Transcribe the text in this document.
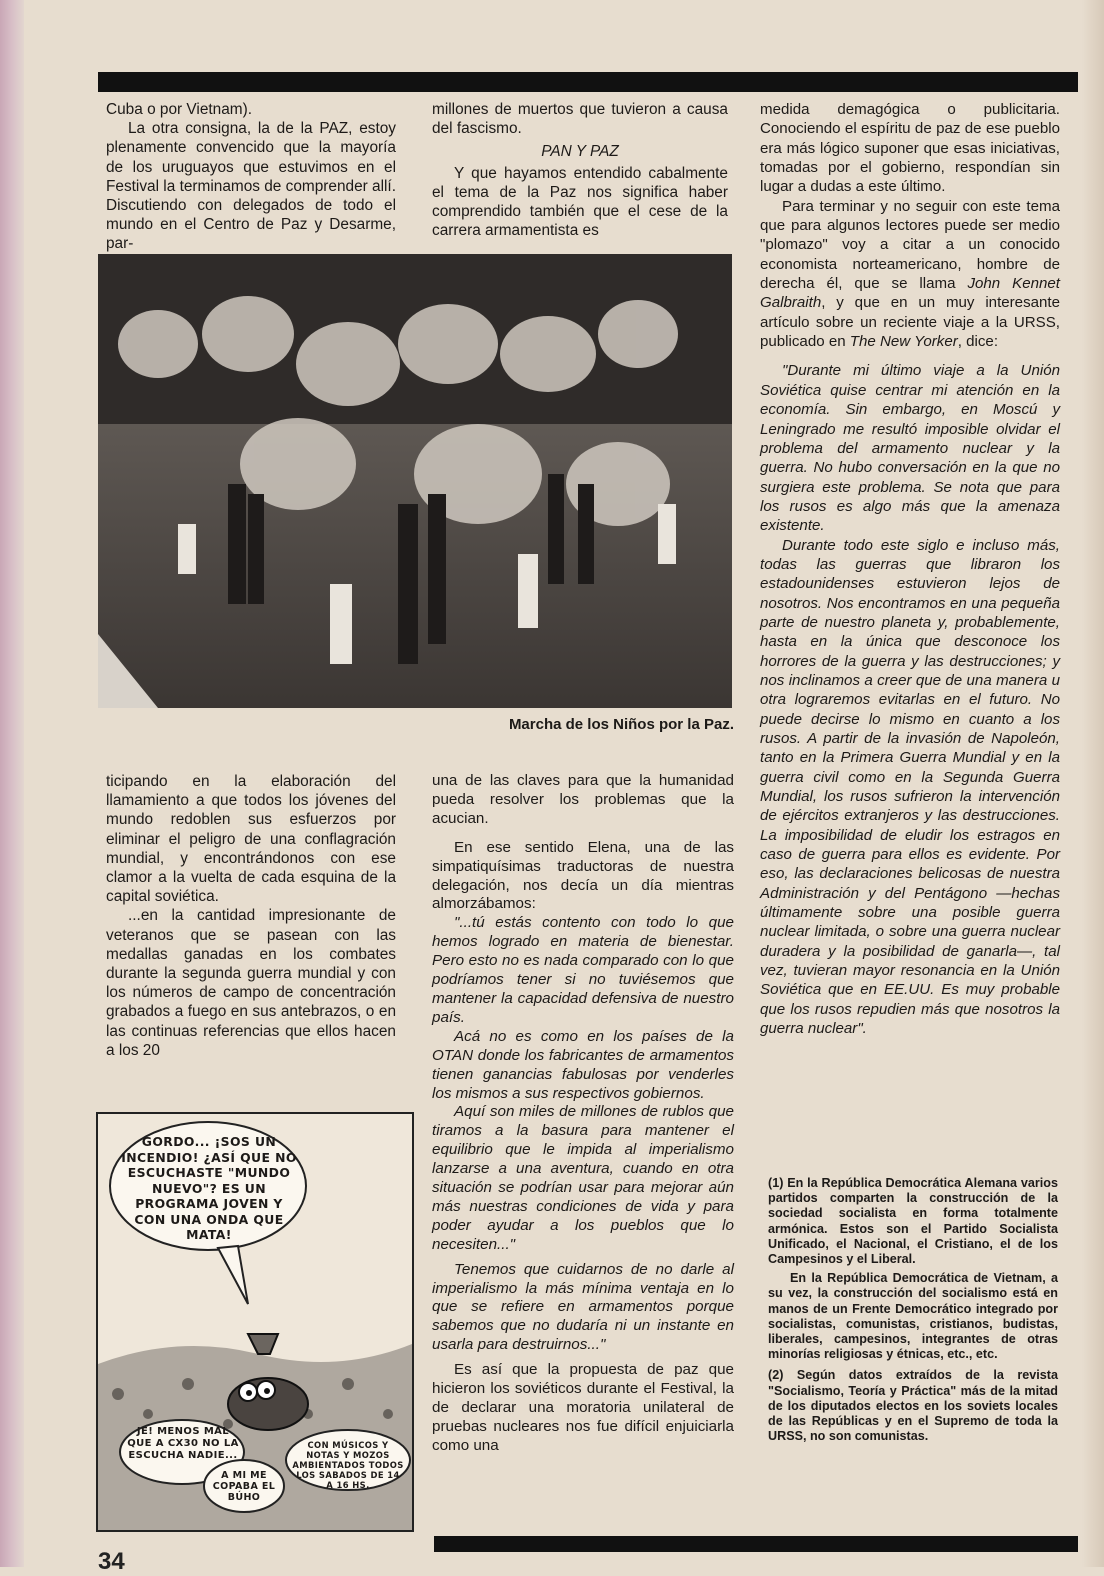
Cuba o por Vietnam).

La otra consigna, la de la PAZ, estoy plenamente convencido que la mayoría de los uruguayos que estuvimos en el Festival la terminamos de comprender allí. Discutiendo con delegados de todo el mundo en el Centro de Paz y Desarme, par-

millones de muertos que tuvieron a causa del fascismo.

PAN Y PAZ

Y que hayamos entendido cabalmente el tema de la Paz nos significa haber comprendido también que el cese de la carrera armamentista es

medida demagógica o publicitaria. Conociendo el espíritu de paz de ese pueblo era más lógico suponer que esas iniciativas, tomadas por el gobierno, respondían sin lugar a dudas a este último.

Para terminar y no seguir con este tema que para algunos lectores puede ser medio "plomazo" voy a citar a un conocido economista norteamericano, hombre de derecha él, que se llama John Kennet Galbraith, y que en un muy interesante artículo sobre un reciente viaje a la URSS, publicado en The New Yorker, dice:

"Durante mi último viaje a la Unión Soviética quise centrar mi atención en la economía. Sin embargo, en Moscú y Leningrado me resultó imposible olvidar el problema del armamento nuclear y la guerra. No hubo conversación en la que no surgiera este problema. Se nota que para los rusos es algo más que la amenaza existente.

Durante todo este siglo e incluso más, todas las guerras que libraron los estadounidenses estuvieron lejos de nosotros. Nos encontramos en una pequeña parte de nuestro planeta y, probablemente, hasta en la única que desconoce los horrores de la guerra y las destrucciones; y nos inclinamos a creer que de una manera u otra lograremos evitarlas en el futuro. No puede decirse lo mismo en cuanto a los rusos. A partir de la invasión de Napoleón, tanto en la Primera Guerra Mundial y en la guerra civil como en la Segunda Guerra Mundial, los rusos sufrieron la intervención de ejércitos extranjeros y las destrucciones. La imposibilidad de eludir los estragos en caso de guerra para ellos es evidente. Por eso, las declaraciones belicosas de nuestra Administración y del Pentágono —hechas últimamente sobre una posible guerra nuclear limitada, o sobre una guerra nuclear duradera y la posibilidad de ganarla—, tal vez, tuvieran mayor resonancia en la Unión Soviética que en EE.UU. Es muy probable que los rusos repudien más que nosotros la guerra nuclear".

Marcha de los Niños por la Paz.

ticipando en la elaboración del llamamiento a que todos los jóvenes del mundo redoblen sus esfuerzos por eliminar el peligro de una conflagración mundial, y encontrándonos con ese clamor a la vuelta de cada esquina de la capital soviética.

...en la cantidad impresionante de veteranos que se pasean con las medallas ganadas en los combates durante la segunda guerra mundial y con los números de campo de concentración grabados a fuego en sus antebrazos, o en las continuas referencias que ellos hacen a los 20

una de las claves para que la humanidad pueda resolver los problemas que la acucian.

En ese sentido Elena, una de las simpatiquísimas traductoras de nuestra delegación, nos decía un día mientras almorzábamos:

"...tú estás contento con todo lo que hemos logrado en materia de bienestar. Pero esto no es nada comparado con lo que podríamos tener si no tuviésemos que mantener la capacidad defensiva de nuestro país.

Acá no es como en los países de la OTAN donde los fabricantes de armamentos tienen ganancias fabulosas por venderles los mismos a sus respectivos gobiernos.

Aquí son miles de millones de rublos que tiramos a la basura para mantener el equilibrio que le impida al imperialismo lanzarse a una aventura, cuando en otra situación se podrían usar para mejorar aún más nuestras condiciones de vida y para poder ayudar a los pueblos que lo necesiten..."

Tenemos que cuidarnos de no darle al imperialismo la más mínima ventaja en lo que se refiere en armamentos porque sabemos que no dudaría ni un instante en usarla para destruirnos..."

Es así que la propuesta de paz que hicieron los soviéticos durante el Festival, la de declarar una moratoria unilateral de pruebas nucleares nos fue difícil enjuiciarla como una

GORDO... ¡SOS UN INCENDIO! ¿ASÍ QUE NO ESCUCHASTE "MUNDO NUEVO"? ES UN PROGRAMA JOVEN Y CON UNA ONDA QUE MATA!
JE! MENOS MAL QUE A CX30 NO LA ESCUCHA NADIE...
A MI ME COPABA EL BÚHO
CON MÚSICOS Y NOTAS Y MOZOS AMBIENTADOS TODOS LOS SABADOS DE 14 A 16 HS.

(1) En la República Democrática Alemana varios partidos comparten la construcción de la sociedad socialista en forma totalmente armónica. Estos son el Partido Socialista Unificado, el Nacional, el Cristiano, el de los Campesinos y el Liberal.

En la República Democrática de Vietnam, a su vez, la construcción del socialismo está en manos de un Frente Democrático integrado por socialistas, comunistas, cristianos, budistas, liberales, campesinos, integrantes de otras minorías religiosas y étnicas, etc., etc.

(2) Según datos extraídos de la revista "Socialismo, Teoría y Práctica" más de la mitad de los diputados electos en los soviets locales de las Repúblicas y en el Supremo de toda la URSS, no son comunistas.

34
